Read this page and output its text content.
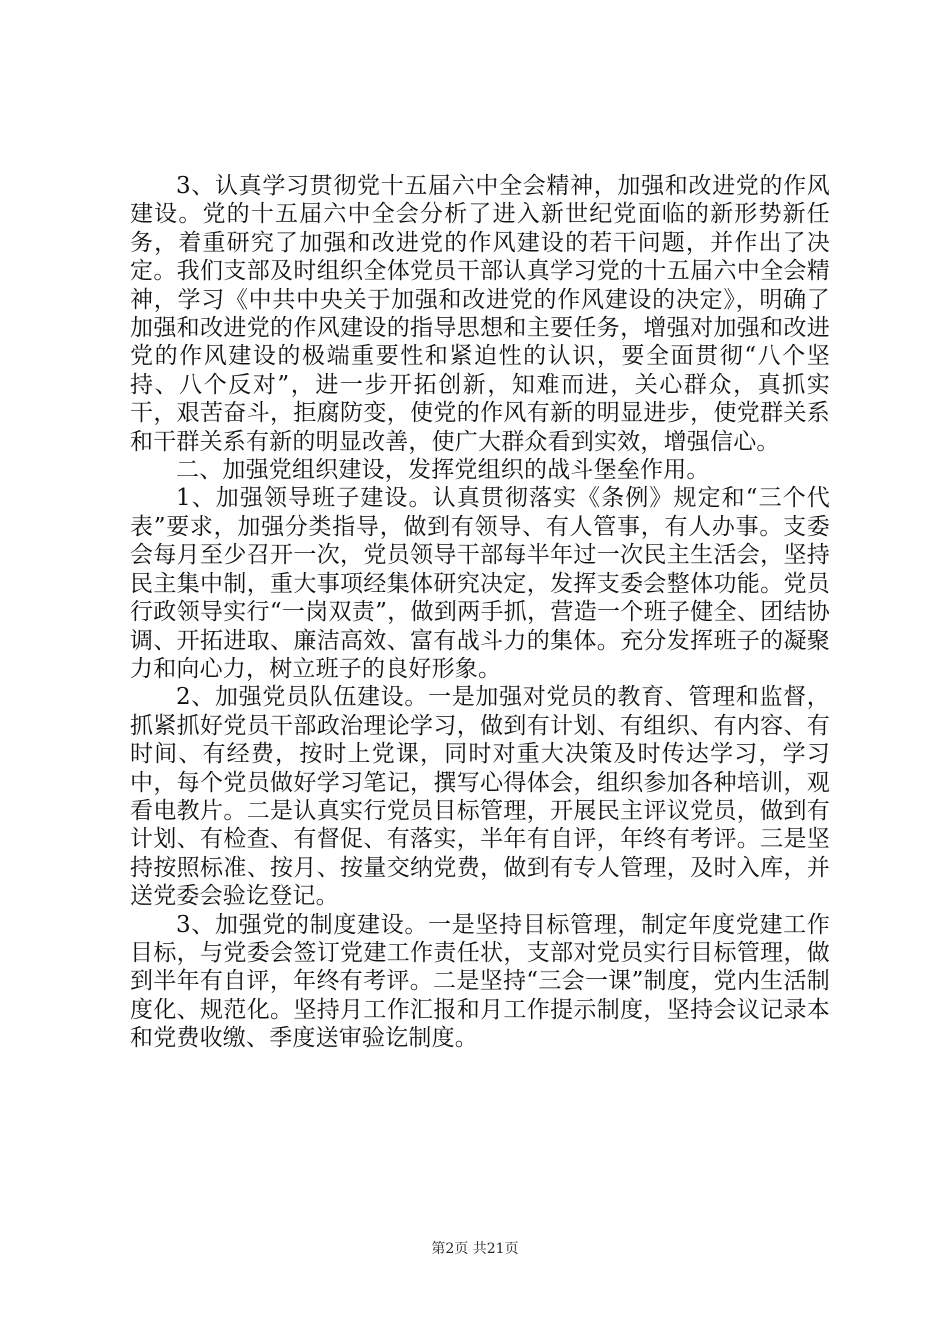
3、认真学习贯彻党十五届六中全会精神，加强和改进党的作风建设。党的十五届六中全会分析了进入新世纪党面临的新形势新任务，着重研究了加强和改进党的作风建设的若干问题，并作出了决定。我们支部及时组织全体党员干部认真学习党的十五届六中全会精神，学习《中共中央关于加强和改进党的作风建设的决定》，明确了加强和改进党的作风建设的指导思想和主要任务，增强对加强和改进党的作风建设的极端重要性和紧迫性的认识，要全面贯彻“八个坚持、八个反对”，进一步开拓创新，知难而进，关心群众，真抓实干，艰苦奋斗，拒腐防变，使党的作风有新的明显进步，使党群关系和干群关系有新的明显改善，使广大群众看到实效，增强信心。

二、加强党组织建设，发挥党组织的战斗堡垒作用。

1、加强领导班子建设。认真贯彻落实《条例》规定和“三个代表”要求，加强分类指导，做到有领导、有人管事，有人办事。支委会每月至少召开一次，党员领导干部每半年过一次民主生活会，坚持民主集中制，重大事项经集体研究决定，发挥支委会整体功能。党员行政领导实行“一岗双责”，做到两手抓，营造一个班子健全、团结协调、开拓进取、廉洁高效、富有战斗力的集体。充分发挥班子的凝聚力和向心力，树立班子的良好形象。

2、加强党员队伍建设。一是加强对党员的教育、管理和监督，抓紧抓好党员干部政治理论学习，做到有计划、有组织、有内容、有时间、有经费，按时上党课，同时对重大决策及时传达学习，学习中，每个党员做好学习笔记，撰写心得体会，组织参加各种培训，观看电教片。二是认真实行党员目标管理，开展民主评议党员，做到有计划、有检查、有督促、有落实，半年有自评，年终有考评。三是坚持按照标准、按月、按量交纳党费，做到有专人管理，及时入库，并送党委会验讫登记。

3、加强党的制度建设。一是坚持目标管理，制定年度党建工作目标，与党委会签订党建工作责任状，支部对党员实行目标管理，做到半年有自评，年终有考评。二是坚持“三会一课”制度，党内生活制度化、规范化。坚持月工作汇报和月工作提示制度，坚持会议记录本和党费收缴、季度送审验讫制度。

第2页 共21页
